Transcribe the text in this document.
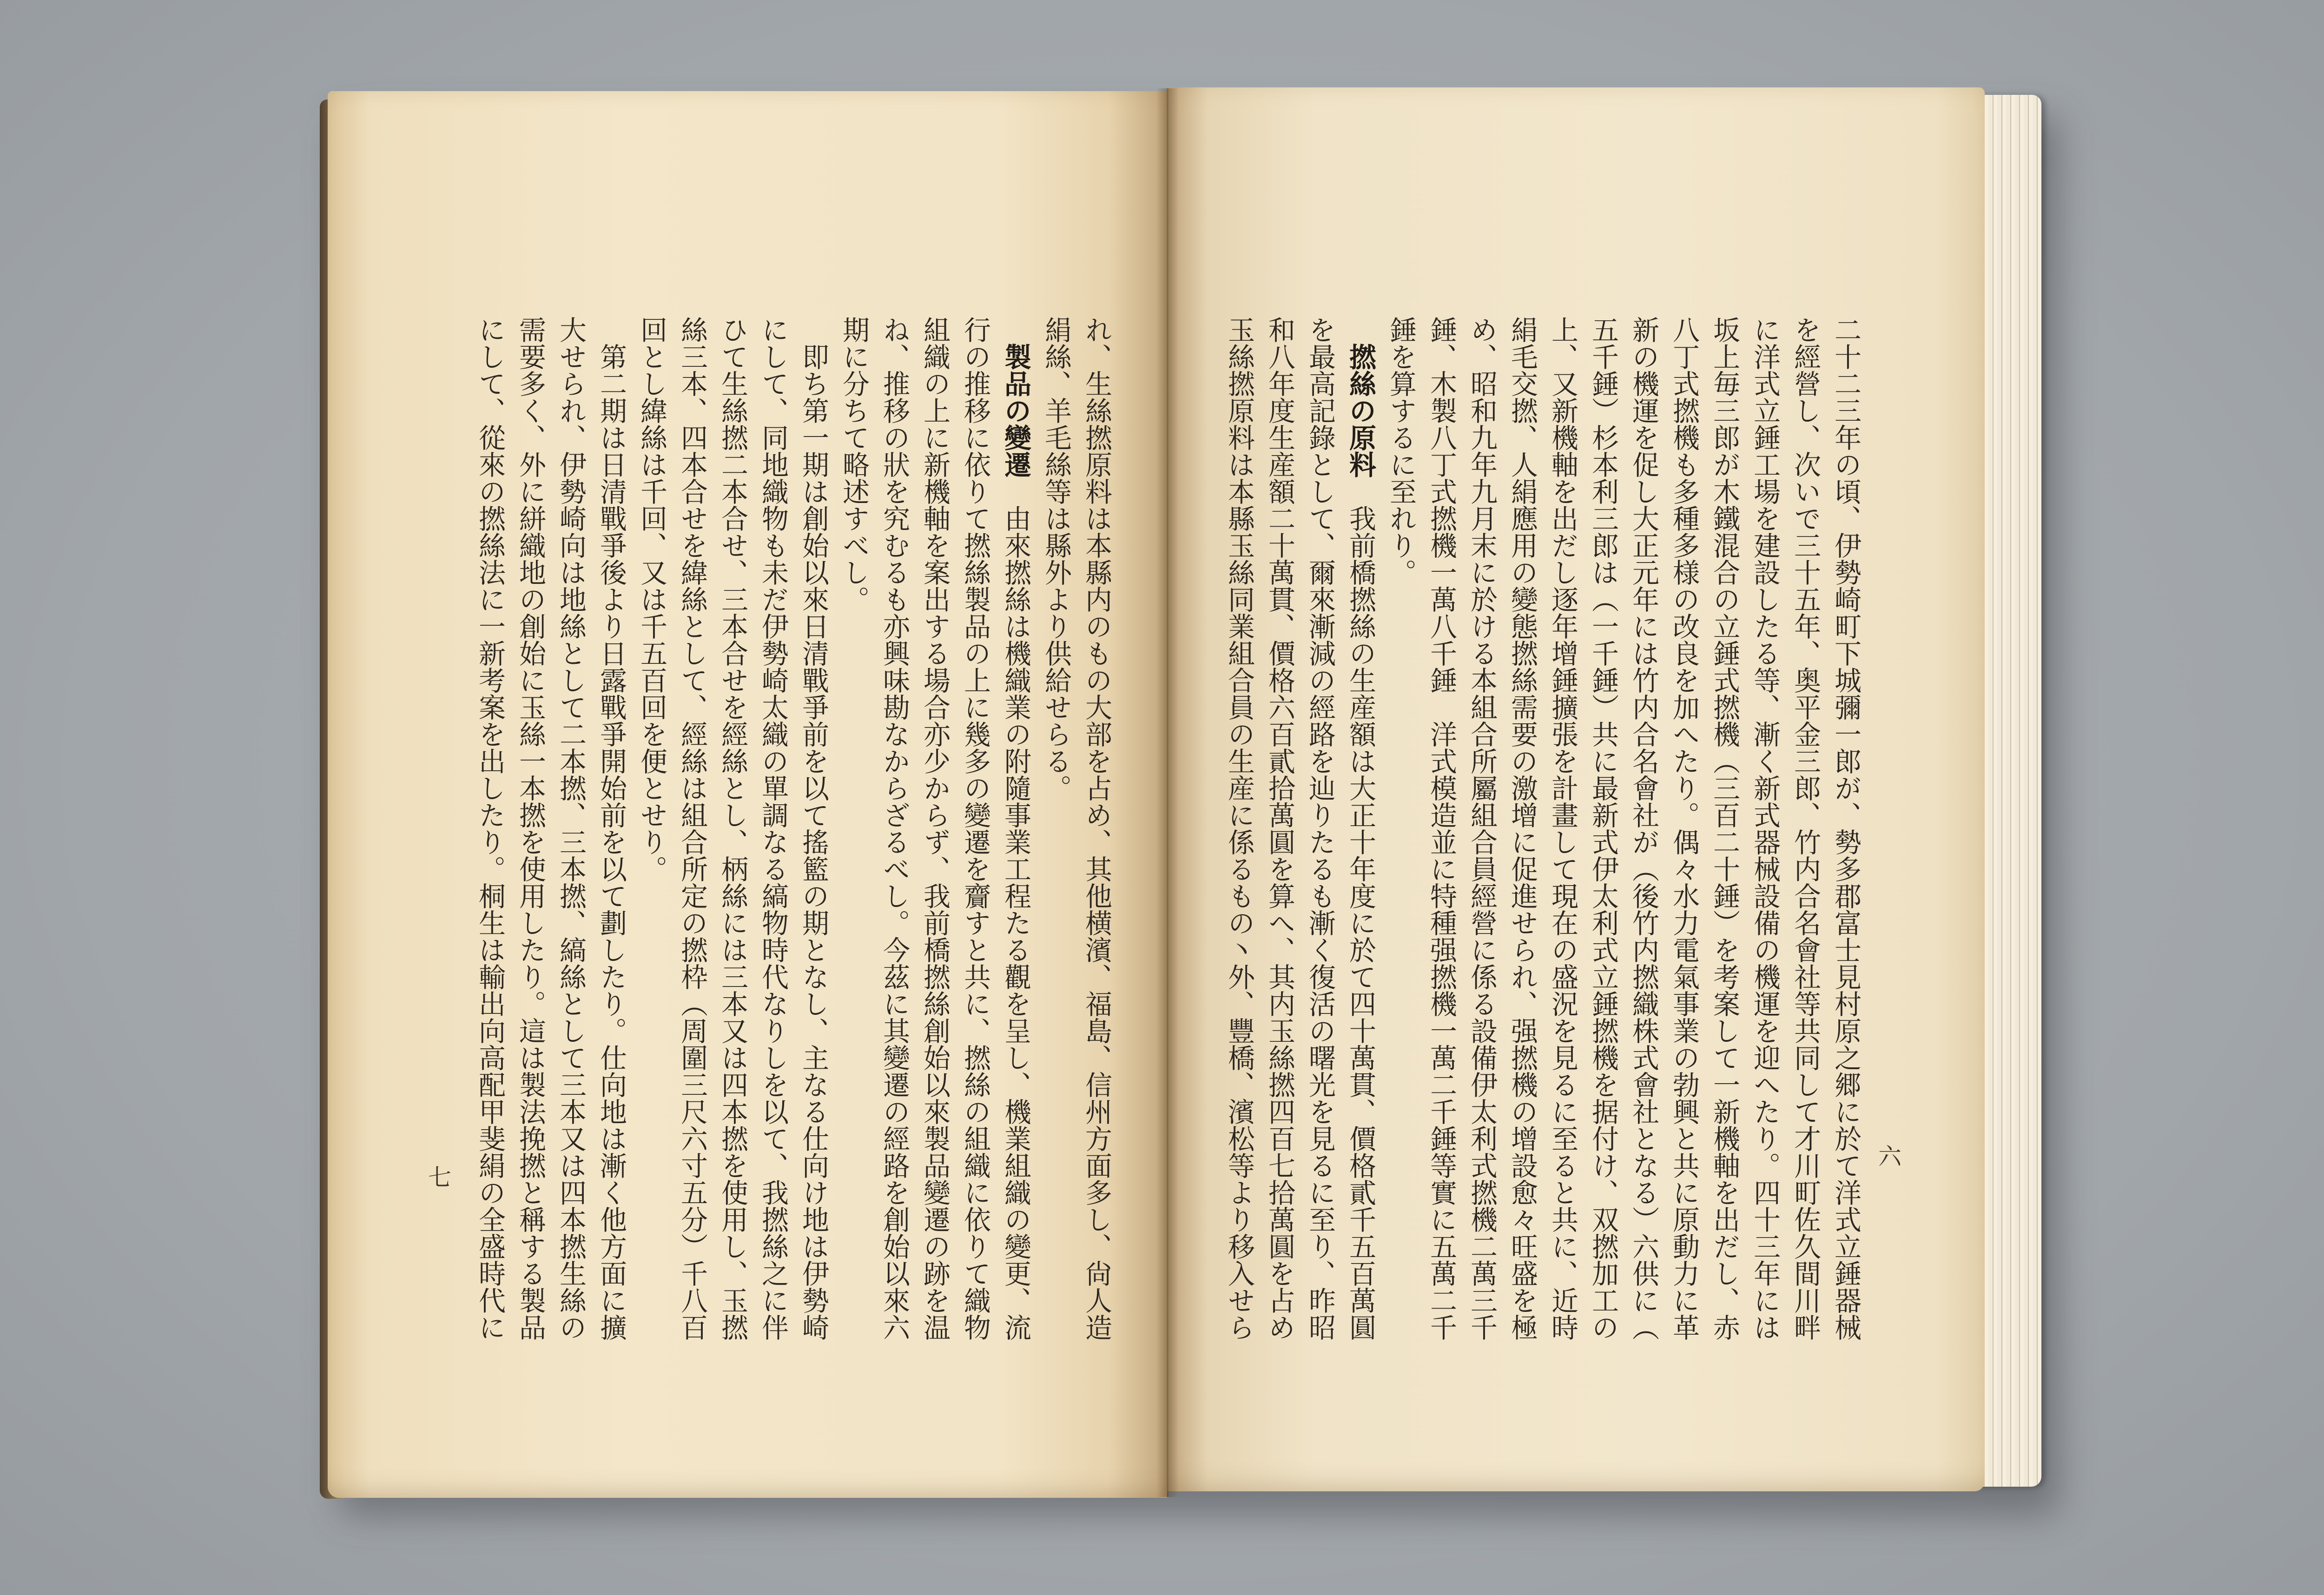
れ、生絲撚原料は本縣内のもの大部を占め、其他横濱、福島、信州方面多し、尙人造
絹絲、羊毛絲等は縣外より供給せらる。
製品の變遷由來撚絲は機織業の附隨事業工程たる觀を呈し、機業組織の變更、流
行の推移に依りて撚絲製品の上に幾多の變遷を齎すと共に、撚絲の組織に依りて織物
組織の上に新機軸を案出する場合亦少からず、我前橋撚絲創始以來製品變遷の跡を温
ね、推移の狀を究むるも亦興味勘なからざるべし。今茲に其變遷の經路を創始以來六
期に分ちて略述すべし。
即ち第一期は創始以來日清戰爭前を以て搖籃の期となし、主なる仕向け地は伊勢崎
にして、同地織物も未だ伊勢崎太織の單調なる縞物時代なりしを以て、我撚絲之に伴
ひて生絲撚二本合せ、三本合せを經絲とし、柄絲には三本又は四本撚を使用し、玉撚
絲三本、四本合せを緯絲として、經絲は組合所定の撚枠（周圍三尺六寸五分）千八百
回とし緯絲は千回、又は千五百回を便とせり。
第二期は日清戰爭後より日露戰爭開始前を以て劃したり。仕向地は漸く他方面に擴
大せられ、伊勢崎向は地絲として二本撚、三本撚、縞絲として三本又は四本撚生絲の
需要多く、外に絣織地の創始に玉絲一本撚を使用したり。這は製法挽撚と稱する製品
にして、從來の撚絲法に一新考案を出したり。桐生は輸出向高配甲斐絹の全盛時代に
七	二十二三年の頃、伊勢崎町下城彌一郎が、勢多郡富士見村原之郷に於て洋式立錘器械
を經營し、次いで三十五年、奥平金三郎、竹内合名會社等共同して才川町佐久間川畔
に洋式立錘工場を建設したる等、漸く新式器械設備の機運を迎へたり。四十三年には
坂上毎三郎が木鐵混合の立錘式撚機（三百二十錘）を考案して一新機軸を出だし、赤
八丁式撚機も多種多様の改良を加へたり。偶々水力電氣事業の勃興と共に原動力に革
新の機運を促し大正元年には竹内合名會社が（後竹内撚織株式會社となる）六供に（
五千錘）杉本利三郎は（一千錘）共に最新式伊太利式立錘撚機を据付け、双撚加工の
上、又新機軸を出だし逐年增錘擴張を計畫して現在の盛況を見るに至ると共に、近時
絹毛交撚、人絹應用の變態撚絲需要の激增に促進せられ、强撚機の增設愈々旺盛を極
め、昭和九年九月末に於ける本組合所屬組合員經營に係る設備伊太利式撚機二萬三千
錘、木製八丁式撚機一萬八千錘　洋式模造並に特種强撚機一萬二千錘等實に五萬二千
錘を算するに至れり。
撚絲の原料我前橋撚絲の生産額は大正十年度に於て四十萬貫、價格貳千五百萬圓
を最高記錄として、爾來漸減の經路を辿りたるも漸く復活の曙光を見るに至り、昨昭
和八年度生産額二十萬貫、價格六百貳拾萬圓を算へ、其内玉絲撚四百七拾萬圓を占め
玉絲撚原料は本縣玉絲同業組合員の生産に係るもの丶外、豐橋、濱松等より移入せら	六
